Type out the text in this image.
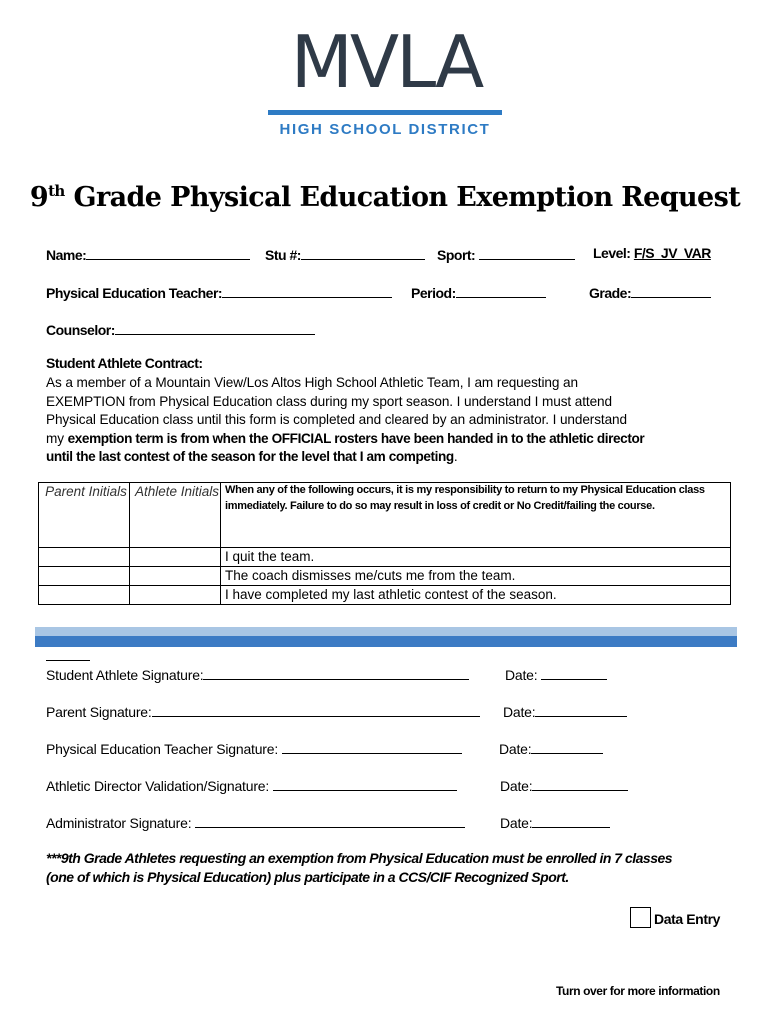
MVLA
HIGH SCHOOL DISTRICT
9th Grade Physical Education Exemption Request
Name:	Stu #:	Sport:	Level: F/S  JV  VAR
Physical Education Teacher:	Period:	Grade:
Counselor:
Student Athlete Contract:
As a member of a Mountain View/Los Altos High School Athletic Team, I am requesting an
EXEMPTION from Physical Education class during my sport season. I understand I must attend
Physical Education class until this form is completed and cleared by an administrator. I understand
my exemption term is from when the OFFICIAL rosters have been handed in to the athletic director
until the last contest of the season for the level that I am competing.
Parent Initials	Athlete Initials	When any of the following occurs, it is my responsibility to return to my Physical Education class immediately. Failure to do so may result in loss of credit or No Credit/failing the course.
		I quit the team.
		The coach dismisses me/cuts me from the team.
		I have completed my last athletic contest of the season.
Student Athlete Signature:	Date:
Parent Signature:	Date:
Physical Education Teacher Signature:	Date:
Athletic Director Validation/Signature:	Date:
Administrator Signature:	Date:
***9th Grade Athletes requesting an exemption from Physical Education must be enrolled in 7 classes
(one of which is Physical Education) plus participate in a CCS/CIF Recognized Sport.
Data Entry
Turn over for more information
